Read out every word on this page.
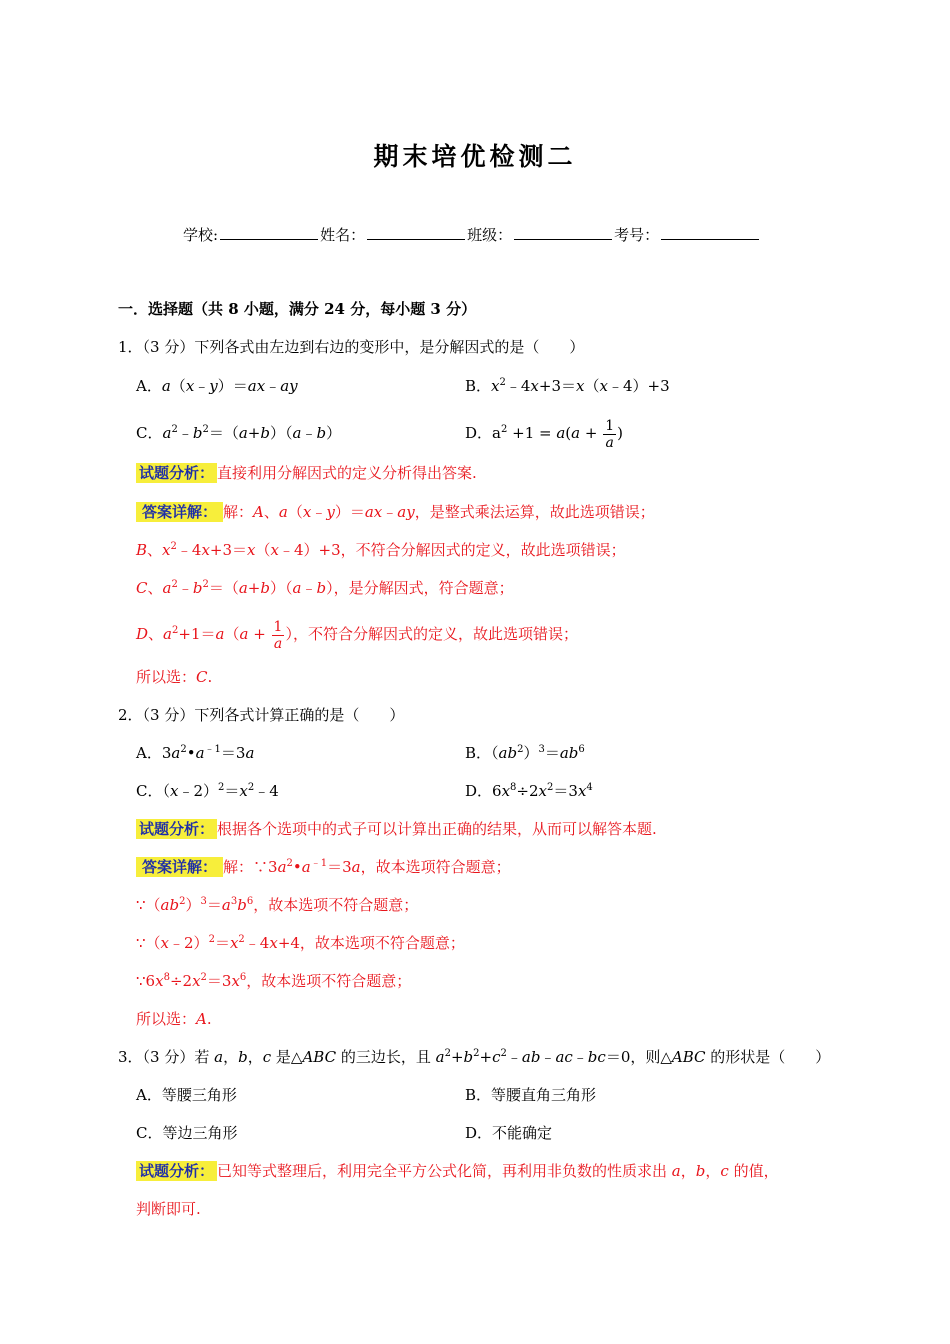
期末培优检测二
学校:	姓名：	班级：	考号：
一．选择题（共 8 小题，满分 24 分，每小题 3 分）
1．（3 分）下列各式由左边到右边的变形中，是分解因式的是（　　）
A．a（x﹣y）＝ax﹣ay	B．$x^2﹣4x+3=x(x﹣4)+3$
C．$a^2﹣b^2=(a+b)(a﹣b)$	D．$a^2 +1 = a(a + \frac{1}{a}$ )
试题分析： 直接利用分解因式的定义分析得出答案.
答案详解： 解：A、a（x﹣y）＝ax﹣ay，是整式乘法运算，故此选项错误；
B、$x^2﹣4x+3=x(x﹣4)+3$，不符合分解因式的定义，故此选项错误；
C、$a^2﹣b^2=(a+b)(a﹣b)$，是分解因式，符合题意；
D、$a^2+1=a(a + \frac{1}{a}$ ），不符合分解因式的定义，故此选项错误；
所以选：C.
2．（3 分）下列各式计算正确的是（　　）
A．$3a^2•a^{﹣1}=3a$	B．$(ab^2)^3=ab^6$
C．$(x﹣2)^2=x^2﹣4$	D．$6x^8\div 2x^2=3x^4$
试题分析： 根据各个选项中的式子可以计算出正确的结果，从而可以解答本题.
答案详解： 解：$\because 3a^2•a^{﹣1}=3a$，故本选项符合题意；
$\because(ab^2)^3=a^3b^6$，故本选项不符合题意；
$\because(x﹣2)^2=x^2﹣4x+4$，故本选项不符合题意；
$\because 6x^8\div 2x^2=3x^6$，故本选项不符合题意；
所以选：A.
3．（3 分）若 a，b，c 是△ABC 的三边长，且 $a^2+b^2+c^2﹣ab﹣ac﹣bc=0$，则△ABC 的形状是（　　）
A．等腰三角形	B．等腰直角三角形
C．等边三角形	D．不能确定
试题分析： 已知等式整理后，利用完全平方公式化简，再利用非负数的性质求出 a，b，c 的值，
判断即可.
